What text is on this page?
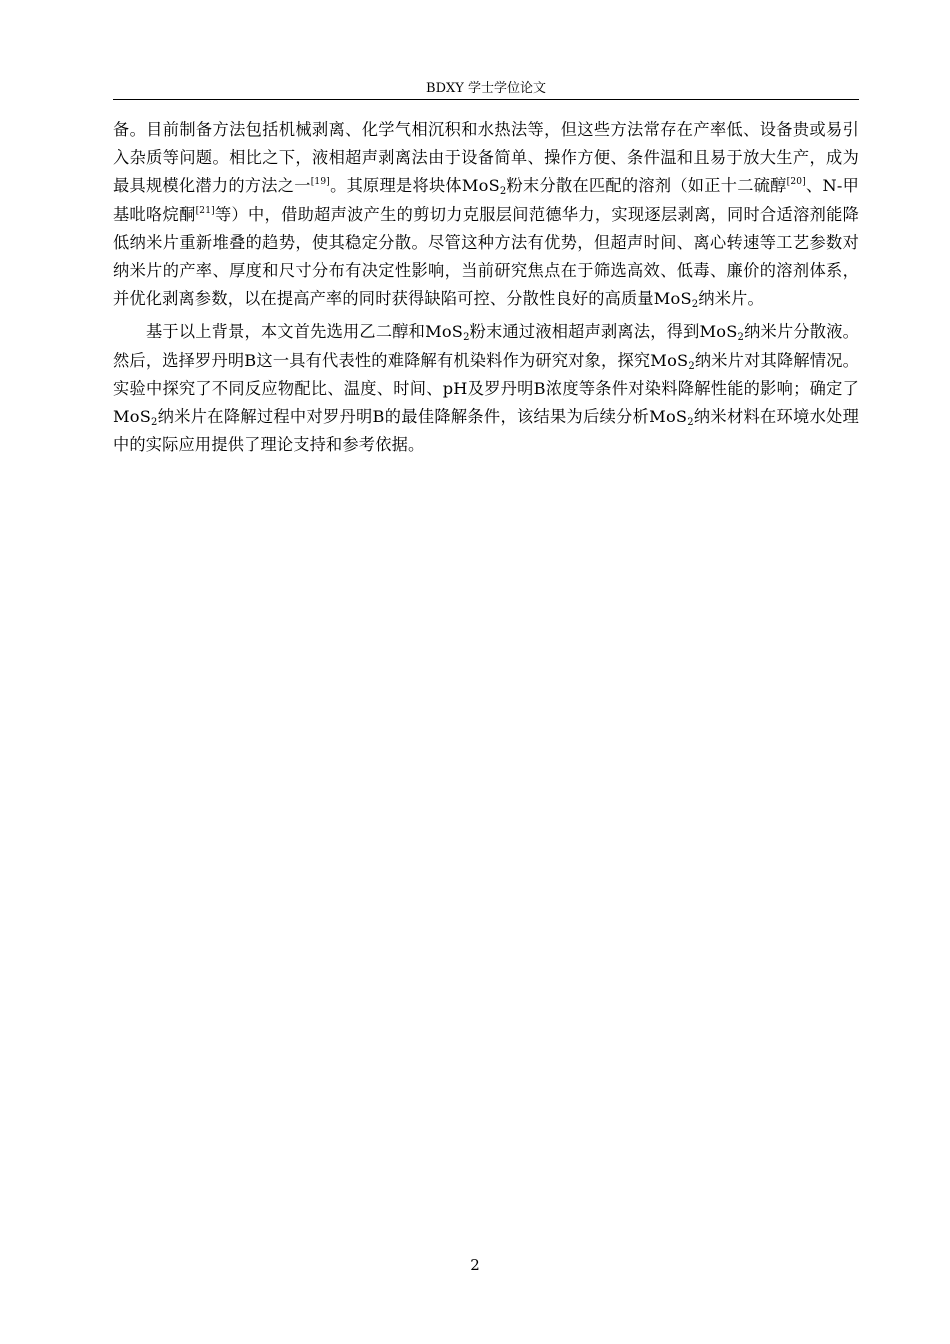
BDXY 学士学位论文

备。目前制备方法包括机械剥离、化学气相沉积和水热法等，但这些方法常存在产率低、设备贵或易引入杂质等问题。相比之下，液相超声剥离法由于设备简单、操作方便、条件温和且易于放大生产，成为最具规模化潜力的方法之一[19]。其原理是将块体MoS$_2$粉末分散在匹配的溶剂（如正十二硫醇[20]、N-甲基吡咯烷酮[21]等）中，借助超声波产生的剪切力克服层间范德华力，实现逐层剥离，同时合适溶剂能降低纳米片重新堆叠的趋势，使其稳定分散。尽管这种方法有优势，但超声时间、离心转速等工艺参数对纳米片的产率、厚度和尺寸分布有决定性影响，当前研究焦点在于筛选高效、低毒、廉价的溶剂体系，并优化剥离参数，以在提高产率的同时获得缺陷可控、分散性良好的高质量MoS$_2$纳米片。

基于以上背景，本文首先选用乙二醇和MoS$_2$粉末通过液相超声剥离法，得到MoS$_2$纳米片分散液。然后，选择罗丹明B这一具有代表性的难降解有机染料作为研究对象，探究MoS$_2$纳米片对其降解情况。实验中探究了不同反应物配比、温度、时间、pH及罗丹明B浓度等条件对染料降解性能的影响；确定了MoS$_2$纳米片在降解过程中对罗丹明B的最佳降解条件，该结果为后续分析MoS$_2$纳米材料在环境水处理中的实际应用提供了理论支持和参考依据。

2
